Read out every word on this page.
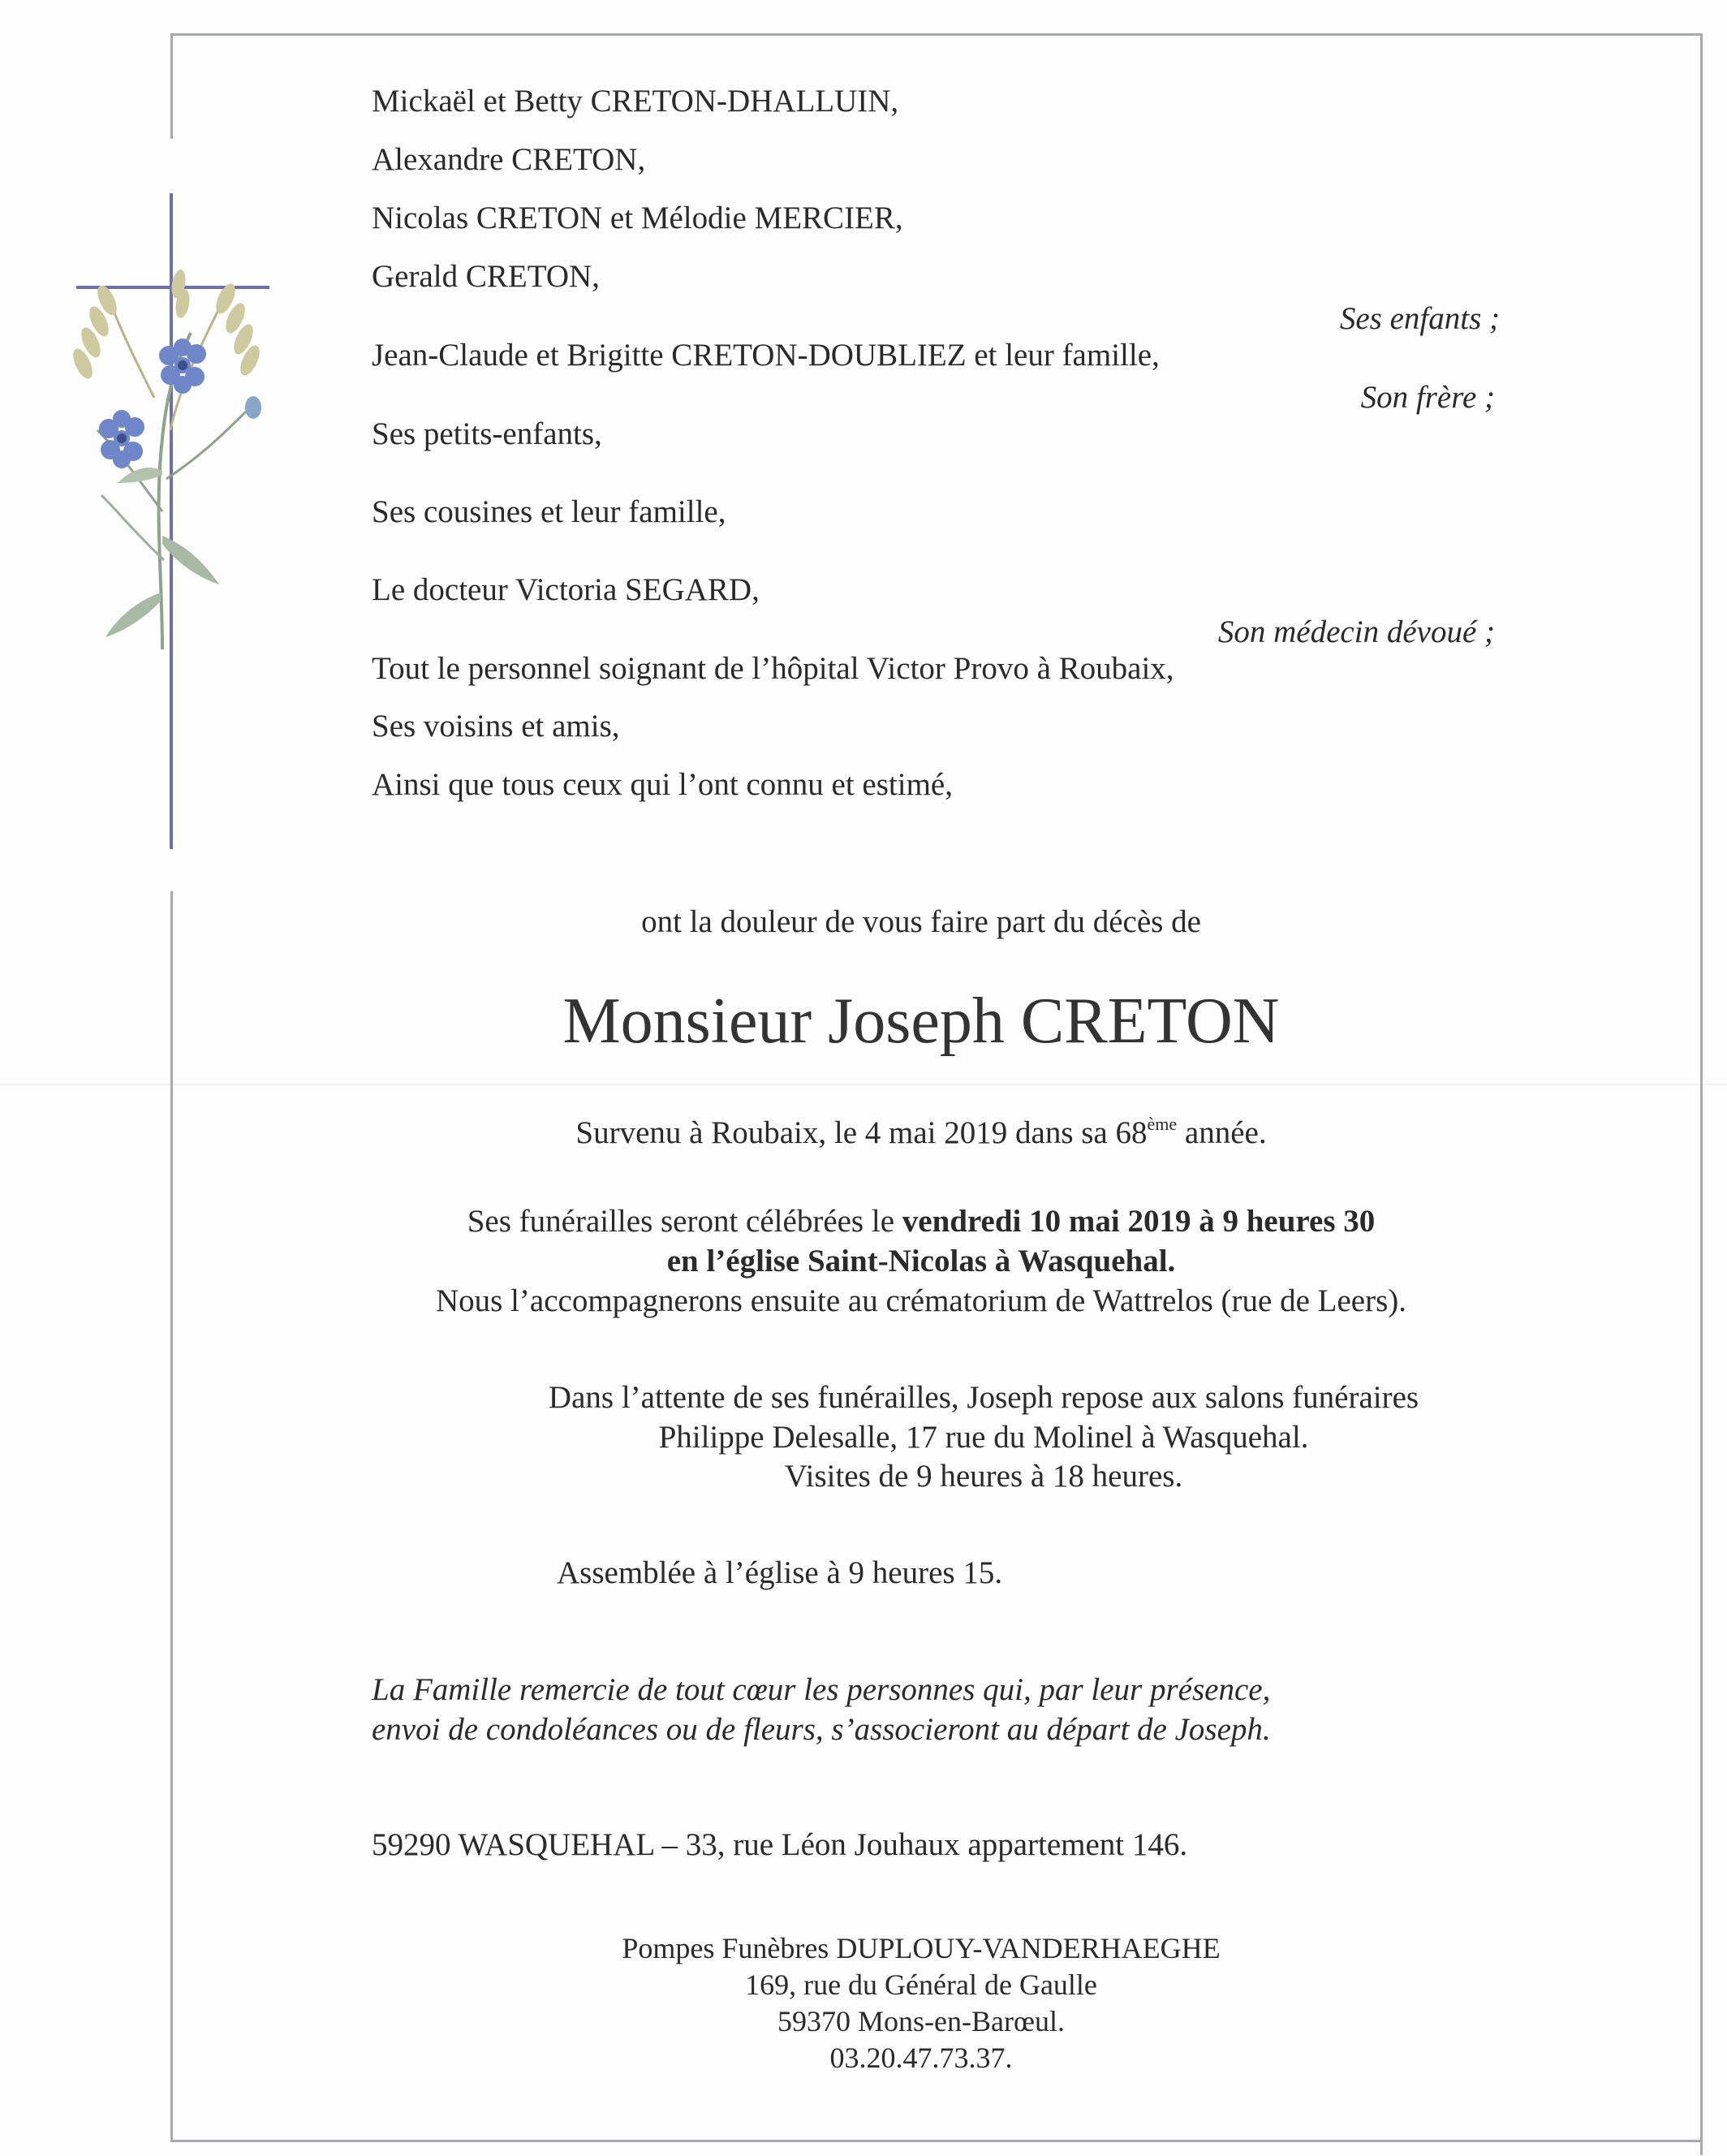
Mickaël et Betty CRETON-DHALLUIN,
Alexandre CRETON,
Nicolas CRETON et Mélodie MERCIER,
Gerald CRETON,
Ses enfants ;
Jean-Claude et Brigitte CRETON-DOUBLIEZ et leur famille,
Son frère ;
Ses petits-enfants,
Ses cousines et leur famille,
Le docteur Victoria SEGARD,
Son médecin dévoué ;
Tout le personnel soignant de l’hôpital Victor Provo à Roubaix,
Ses voisins et amis,
Ainsi que tous ceux qui l’ont connu et estimé,
ont la douleur de vous faire part du décès de
Monsieur Joseph CRETON
Survenu à Roubaix, le 4 mai 2019 dans sa 68ème année.
Ses funérailles seront célébrées le vendredi 10 mai 2019 à 9 heures 30
en l’église Saint-Nicolas à Wasquehal.
Nous l’accompagnerons ensuite au crématorium de Wattrelos (rue de Leers).
Dans l’attente de ses funérailles, Joseph repose aux salons funéraires
Philippe Delesalle, 17 rue du Molinel à Wasquehal.
Visites de 9 heures à 18 heures.
Assemblée à l’église à 9 heures 15.
La Famille remercie de tout cœur les personnes qui, par leur présence,
envoi de condoléances ou de fleurs, s’associeront au départ de Joseph.
59290 WASQUEHAL – 33, rue Léon Jouhaux appartement 146.
Pompes Funèbres DUPLOUY-VANDERHAEGHE
169, rue du Général de Gaulle
59370 Mons-en-Barœul.
03.20.47.73.37.
